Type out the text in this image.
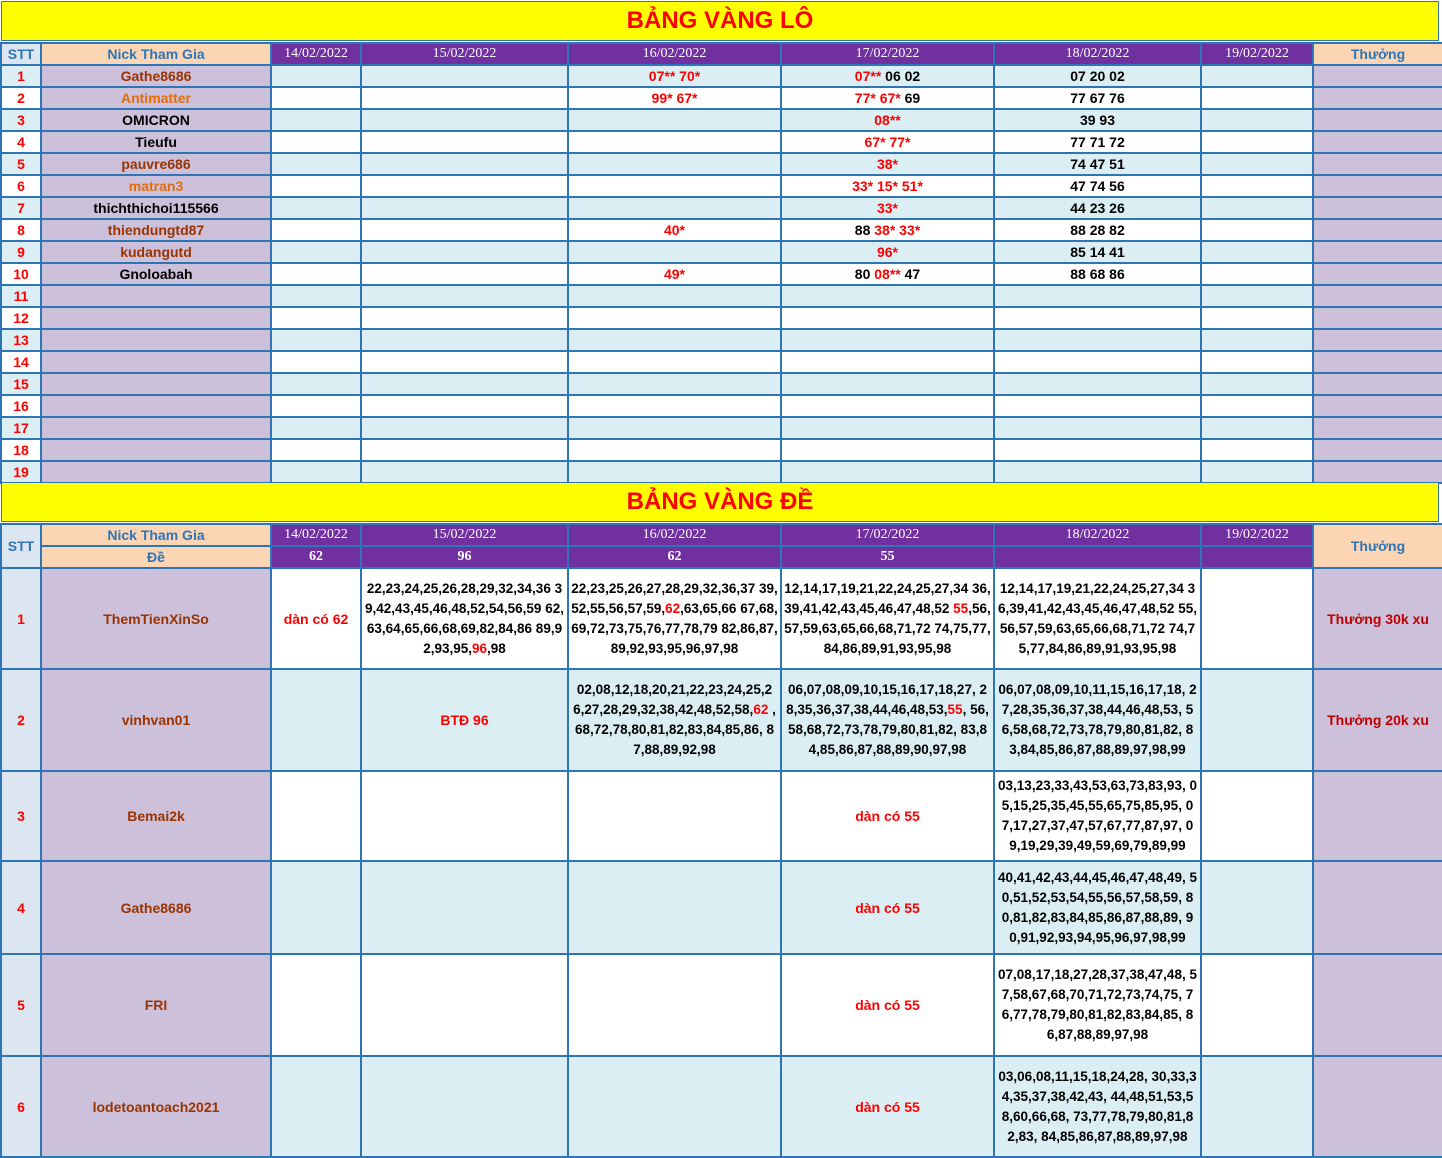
BẢNG VÀNG LÔ
STT	Nick Tham Gia	14/02/2022	15/02/2022	16/02/2022	17/02/2022	18/02/2022	19/02/2022	Thưởng
1	Gathe8686			07** 70*	07** 06 02	07 20 02		
2	Antimatter			99* 67*	77* 67* 69	77 67 76		
3	OMICRON				08**	39 93		
4	Tieufu				67* 77*	77 71 72		
5	pauvre686				38*	74 47 51		
6	matran3				33* 15* 51*	47 74 56		
7	thichthichoi115566				33*	44 23 26		
8	thiendungtd87			40*	88 38* 33*	88 28 82		
9	kudangutd				96*	85 14 41		
10	Gnoloabah			49*	80 08** 47	88 68 86		
11								
12								
13								
14								
15								
16								
17								
18								
19								
BẢNG VÀNG ĐỀ
STT	Nick Tham Gia	14/02/2022	15/02/2022	16/02/2022	17/02/2022	18/02/2022	19/02/2022	Thưởng
	Đề	62	96	62	55			
1	ThemTienXinSo	dàn có 62	22,23,24,25,26,28,29,32,34,36 39,42,43,45,46,48,52,54,56,59 62,63,64,65,66,68,69,82,84,86 89,92,93,95,96,98	22,23,25,26,27,28,29,32,36,37 39,52,55,56,57,59,62,63,65,66 67,68,69,72,73,75,76,77,78,79 82,86,87,89,92,93,95,96,97,98	12,14,17,19,21,22,24,25,27,34 36,39,41,42,43,45,46,47,48,52 55,56,57,59,63,65,66,68,71,72 74,75,77,84,86,89,91,93,95,98	12,14,17,19,21,22,24,25,27,34 36,39,41,42,43,45,46,47,48,52 55,56,57,59,63,65,66,68,71,72 74,75,77,84,86,89,91,93,95,98		Thưởng 30k xu
2	vinhvan01		BTĐ 96	02,08,12,18,20,21,22,23,24,25,2 6,27,28,29,32,38,42,48,52,58,62 ,68,72,78,80,81,82,83,84,85,86, 87,88,89,92,98	06,07,08,09,10,15,16,17,18,27, 28,35,36,37,38,44,46,48,53,55, 56,58,68,72,73,78,79,80,81,82, 83,84,85,86,87,88,89,90,97,98	06,07,08,09,10,11,15,16,17,18, 27,28,35,36,37,38,44,46,48,53, 56,58,68,72,73,78,79,80,81,82, 83,84,85,86,87,88,89,97,98,99		Thưởng 20k xu
3	Bemai2k				dàn có 55	03,13,23,33,43,53,63,73,83,93, 05,15,25,35,45,55,65,75,85,95, 07,17,27,37,47,57,67,77,87,97, 09,19,29,39,49,59,69,79,89,99		
4	Gathe8686				dàn có 55	40,41,42,43,44,45,46,47,48,49, 50,51,52,53,54,55,56,57,58,59, 80,81,82,83,84,85,86,87,88,89, 90,91,92,93,94,95,96,97,98,99		
5	FRI				dàn có 55	07,08,17,18,27,28,37,38,47,48, 57,58,67,68,70,71,72,73,74,75, 76,77,78,79,80,81,82,83,84,85, 86,87,88,89,97,98		
6	lodetoantoach2021				dàn có 55	03,06,08,11,15,18,24,28, 30,33,34,35,37,38,42,43, 44,48,51,53,58,60,66,68, 73,77,78,79,80,81,82,83, 84,85,86,87,88,89,97,98		
